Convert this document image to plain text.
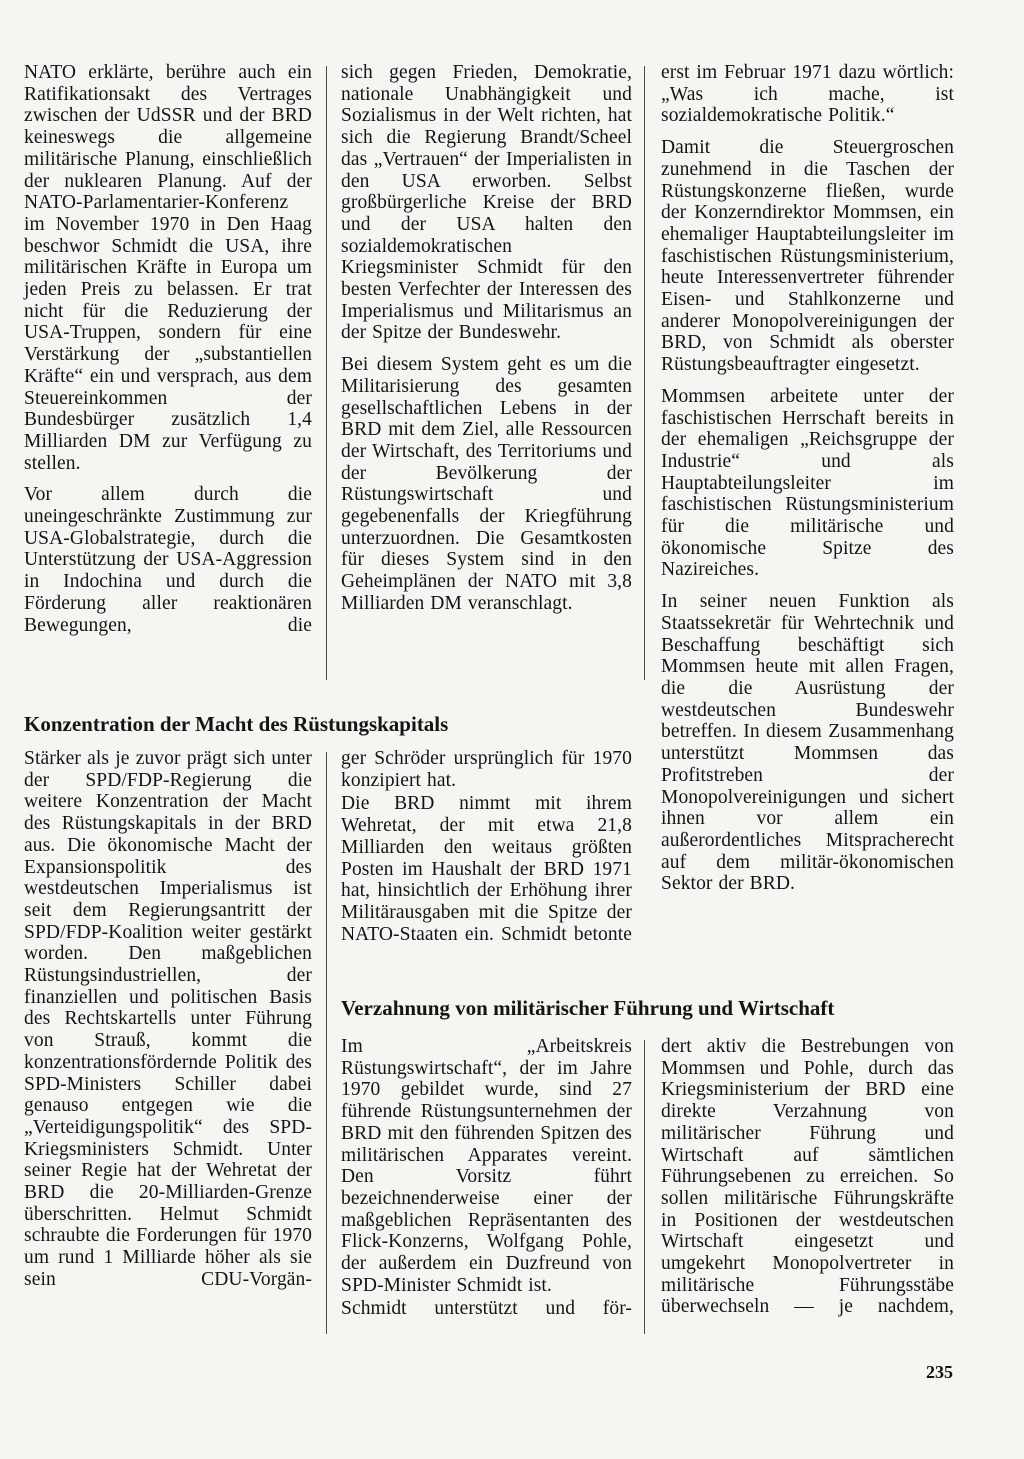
NATO erklärte, berühre auch ein Ratifikationsakt des Vertrages zwischen der UdSSR und der BRD keineswegs die allgemeine militärische Planung, einschließlich der nuklearen Planung. Auf der NATO-Parlamentarier-Konferenz im November 1970 in Den Haag beschwor Schmidt die USA, ihre militärischen Kräfte in Europa um jeden Preis zu belassen. Er trat nicht für die Reduzierung der USA-Truppen, sondern für eine Verstärkung der „substantiellen Kräfte“ ein und versprach, aus dem Steuereinkommen der Bundesbürger zusätzlich 1,4 Milliarden DM zur Verfügung zu stellen.

Vor allem durch die uneingeschränkte Zustimmung zur USA-Globalstrategie, durch die Unterstützung der USA-Aggression in Indochina und durch die Förderung aller reaktionären Bewegungen, die

sich gegen Frieden, Demokratie, nationale Unabhängigkeit und Sozialismus in der Welt richten, hat sich die Regierung Brandt/Scheel das „Vertrauen“ der Imperialisten in den USA erworben. Selbst großbürgerliche Kreise der BRD und der USA halten den sozialdemokratischen Kriegsminister Schmidt für den besten Verfechter der Interessen des Imperialismus und Militarismus an der Spitze der Bundeswehr.

Bei diesem System geht es um die Militarisierung des gesamten gesellschaftlichen Lebens in der BRD mit dem Ziel, alle Ressourcen der Wirtschaft, des Territoriums und der Bevölkerung der Rüstungswirtschaft und gegebenenfalls der Kriegführung unterzuordnen. Die Gesamtkosten für dieses System sind in den Geheimplänen der NATO mit 3,8 Milliarden DM veranschlagt.

erst im Februar 1971 dazu wörtlich: „Was ich mache, ist sozialdemokratische Politik.“

Damit die Steuergroschen zunehmend in die Taschen der Rüstungskonzerne fließen, wurde der Konzerndirektor Mommsen, ein ehemaliger Hauptabteilungsleiter im faschistischen Rüstungsministerium, heute Interessenvertreter führender Eisen- und Stahlkonzerne und anderer Monopolvereinigungen der BRD, von Schmidt als oberster Rüstungsbeauftragter eingesetzt.

Mommsen arbeitete unter der faschistischen Herrschaft bereits in der ehemaligen „Reichsgruppe der Industrie“ und als Hauptabteilungsleiter im faschistischen Rüstungsministerium für die militärische und ökonomische Spitze des Nazireiches.

In seiner neuen Funktion als Staatssekretär für Wehrtechnik und Beschaffung beschäftigt sich Mommsen heute mit allen Fragen, die die Ausrüstung der westdeutschen Bundeswehr betreffen. In diesem Zusammenhang unterstützt Mommsen das Profitstreben der Monopolvereinigungen und sichert ihnen vor allem ein außerordentliches Mitspracherecht auf dem militär-ökonomischen Sektor der BRD.

Konzentration der Macht des Rüstungskapitals

Stärker als je zuvor prägt sich unter der SPD/FDP-Regierung die weitere Konzentration der Macht des Rüstungskapitals in der BRD aus. Die ökonomische Macht der Expansionspolitik des westdeutschen Imperialismus ist seit dem Regierungsantritt der SPD/FDP-Koalition weiter gestärkt worden. Den maßgeblichen Rüstungsindustriellen, der finanziellen und politischen Basis des Rechtskartells unter Führung von Strauß, kommt die konzentrationsfördernde Politik des SPD-Ministers Schiller dabei genauso entgegen wie die „Verteidigungspolitik“ des SPD-Kriegsministers Schmidt. Unter seiner Regie hat der Wehretat der BRD die 20-Milliarden-Grenze überschritten. Helmut Schmidt schraubte die Forderungen für 1970 um rund 1 Milliarde höher als sie sein CDU-Vorgän-

ger Schröder ursprünglich für 1970 konzipiert hat.

Die BRD nimmt mit ihrem Wehretat, der mit etwa 21,8 Milliarden den weitaus größten Posten im Haushalt der BRD 1971 hat, hinsichtlich der Erhöhung ihrer Militärausgaben mit die Spitze der NATO-Staaten ein. Schmidt betonte

Verzahnung von militärischer Führung und Wirtschaft

Im „Arbeitskreis Rüstungswirtschaft“, der im Jahre 1970 gebildet wurde, sind 27 führende Rüstungsunternehmen der BRD mit den führenden Spitzen des militärischen Apparates vereint. Den Vorsitz führt bezeichnenderweise einer der maßgeblichen Repräsentanten des Flick-Konzerns, Wolfgang Pohle, der außerdem ein Duzfreund von SPD-Minister Schmidt ist.

Schmidt unterstützt und för-

dert aktiv die Bestrebungen von Mommsen und Pohle, durch das Kriegsministerium der BRD eine direkte Verzahnung von militärischer Führung und Wirtschaft auf sämtlichen Führungsebenen zu erreichen. So sollen militärische Führungskräfte in Positionen der westdeutschen Wirtschaft eingesetzt und umgekehrt Monopolvertreter in militärische Führungsstäbe überwechseln — je nachdem,

235
